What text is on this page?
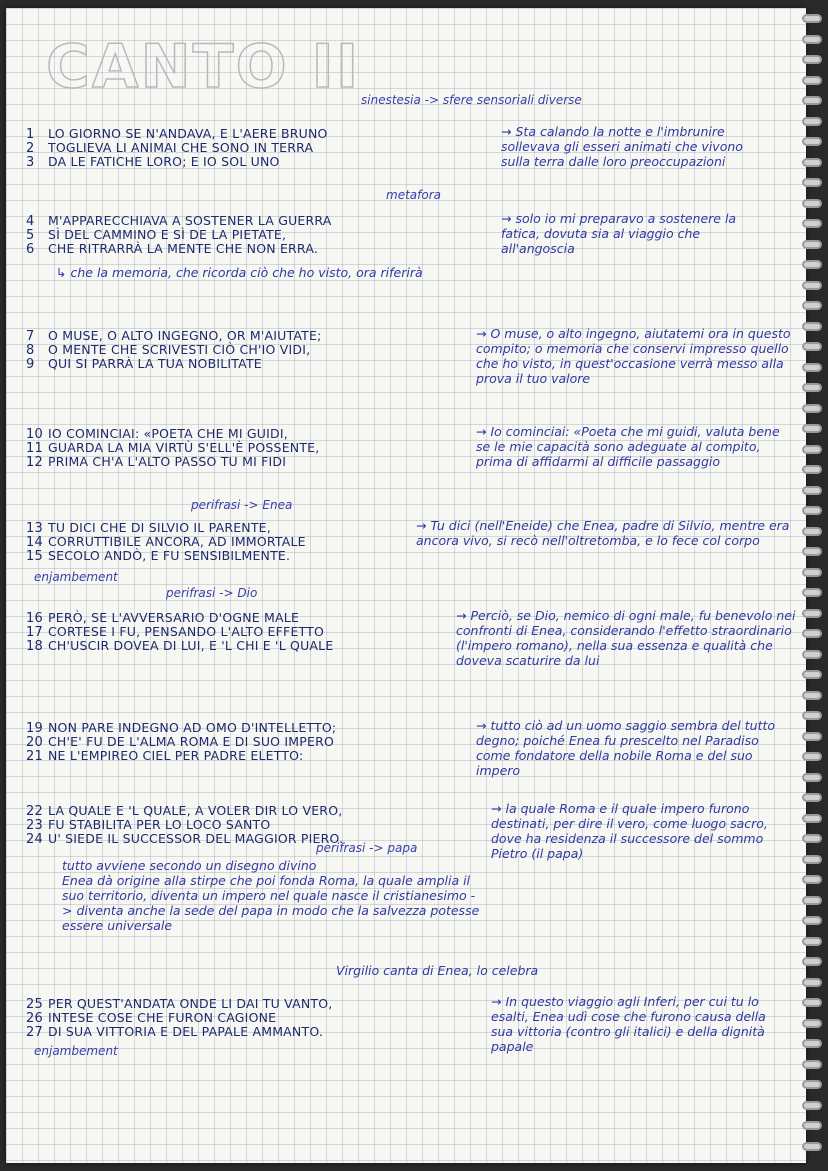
CANTO II sinestesia -> sfere sensoriali diverse
1	LO GIORNO SE N'ANDAVA, E L'AERE BRUNO
2	TOGLIEVA LI ANIMAI CHE SONO IN TERRA
3	DA LE FATICHE LORO; E IO SOL UNO
→ Sta calando la notte e l'imbrunire sollevava gli esseri animati che vivono sulla terra dalle loro preoccupazioni
metafora
4	M'APPARECCHIAVA A SOSTENER LA GUERRA
5	SÌ DEL CAMMINO E SÌ DE LA PIETATE,
6	CHE RITRARRÀ LA MENTE CHE NON ERRA.
→ solo io mi preparavo a sostenere la fatica, dovuta sia al viaggio che all'angoscia
↳ che la memoria, che ricorda ciò che ho visto, ora riferirà
7	O MUSE, O ALTO INGEGNO, OR M'AIUTATE;
8	O MENTE CHE SCRIVESTI CIÒ CH'IO VIDI,
9	QUI SI PARRÀ LA TUA NOBILITATE
→ O muse, o alto ingegno, aiutatemi ora in questo compito; o memoria che conservi impresso quello che ho visto, in quest'occasione verrà messo alla prova il tuo valore
10 IO COMINCIAI: «POETA CHE MI GUIDI,
11 GUARDA LA MIA VIRTÙ S'ELL'È POSSENTE,
12 PRIMA CH'A L'ALTO PASSO TU MI FIDI
→ Io cominciai: «Poeta che mi guidi, valuta bene se le mie capacità sono adeguate al compito, prima di affidarmi al difficile passaggio
perifrasi -> Enea
13 TU DICI CHE DI SILVIO IL PARENTE,
14 CORRUTTIBILE ANCORA, AD IMMORTALE
15 SECOLO ANDÒ, E FU SENSIBILMENTE.
→ Tu dici (nell'Eneide) che Enea, padre di Silvio, mentre era ancora vivo, si recò nell'oltretomba, e lo fece col corpo
enjambement
perifrasi -> Dio
16 PERÒ, SE L'AVVERSARIO D'OGNE MALE
17 CORTESE I FU, PENSANDO L'ALTO EFFETTO
18 CH'USCIR DOVEA DI LUI, E 'L CHI E 'L QUALE
→ Perciò, se Dio, nemico di ogni male, fu benevolo nei confronti di Enea, considerando l'effetto straordinario (l'impero romano), nella sua essenza e qualità che doveva scaturire da lui
19 NON PARE INDEGNO AD OMO D'INTELLETTO;
20 CH'E' FU DE L'ALMA ROMA E DI SUO IMPERO
21 NE L'EMPIREO CIEL PER PADRE ELETTO:
→ tutto ciò ad un uomo saggio sembra del tutto degno; poiché Enea fu prescelto nel Paradiso come fondatore della nobile Roma e del suo impero
22 LA QUALE E 'L QUALE, A VOLER DIR LO VERO,
23 FU STABILITA PER LO LOCO SANTO
24 U' SIEDE IL SUCCESSOR DEL MAGGIOR PIERO.
→ la quale Roma e il quale impero furono destinati, per dire il vero, come luogo sacro, dove ha residenza il successore del sommo Pietro (il papa)
perifrasi -> papa
tutto avviene secondo un disegno divino
Enea dà origine alla stirpe che poi fonda Roma, la quale amplia il suo territorio, diventa un impero nel quale nasce il cristianesimo -> diventa anche la sede del papa in modo che la salvezza potesse essere universale
Virgilio canta di Enea, lo celebra
25 PER QUEST'ANDATA ONDE LI DAI TU VANTO,
26 INTESE COSE CHE FURON CAGIONE
27 DI SUA VITTORIA E DEL PAPALE AMMANTO.
→ In questo viaggio agli Inferi, per cui tu lo esalti, Enea udì cose che furono causa della sua vittoria (contro gli italici) e della dignità papale
enjambement
